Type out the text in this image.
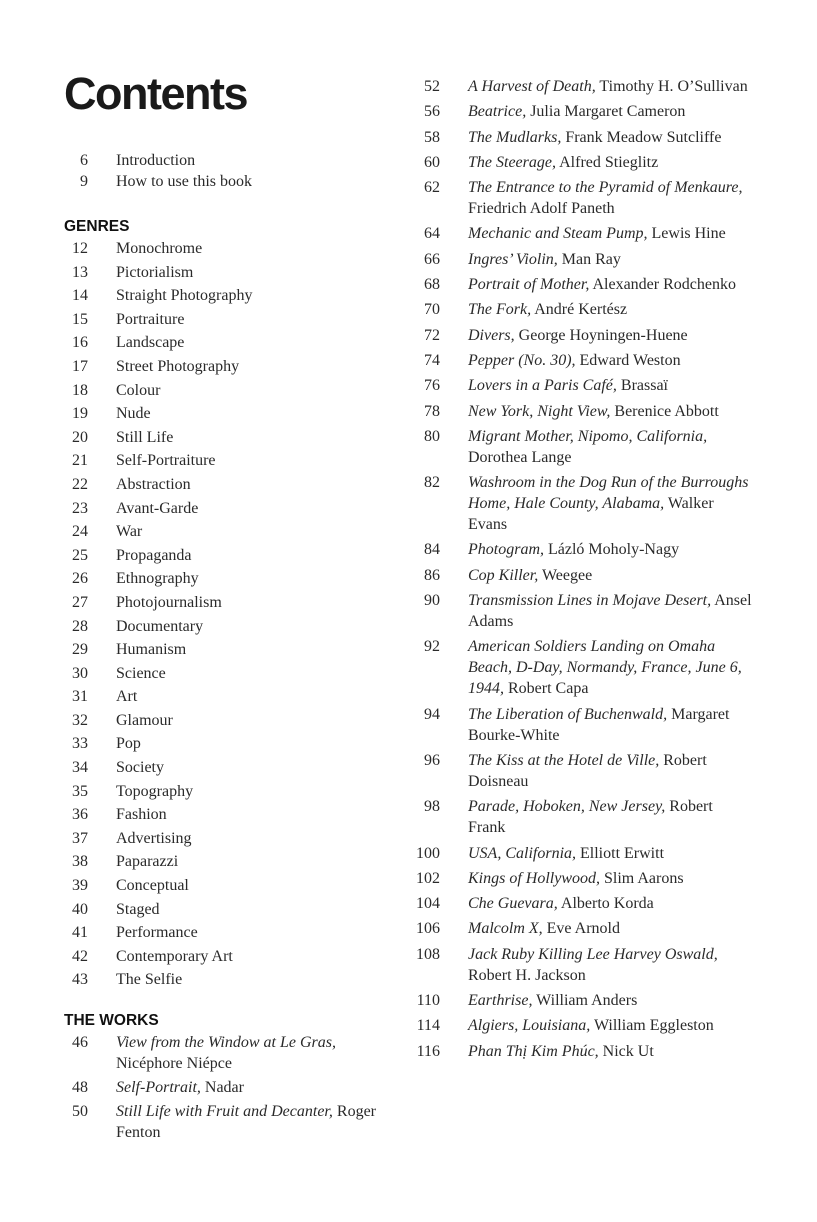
Contents
6 Introduction
9 How to use this book
GENRES
12 Monochrome
13 Pictorialism
14 Straight Photography
15 Portraiture
16 Landscape
17 Street Photography
18 Colour
19 Nude
20 Still Life
21 Self-Portraiture
22 Abstraction
23 Avant-Garde
24 War
25 Propaganda
26 Ethnography
27 Photojournalism
28 Documentary
29 Humanism
30 Science
31 Art
32 Glamour
33 Pop
34 Society
35 Topography
36 Fashion
37 Advertising
38 Paparazzi
39 Conceptual
40 Staged
41 Performance
42 Contemporary Art
43 The Selfie
THE WORKS
46 View from the Window at Le Gras, Nicéphore Niépce
48 Self-Portrait, Nadar
50 Still Life with Fruit and Decanter, Roger Fenton
52 A Harvest of Death, Timothy H. O’Sullivan
56 Beatrice, Julia Margaret Cameron
58 The Mudlarks, Frank Meadow Sutcliffe
60 The Steerage, Alfred Stieglitz
62 The Entrance to the Pyramid of Menkaure, Friedrich Adolf Paneth
64 Mechanic and Steam Pump, Lewis Hine
66 Ingres’ Violin, Man Ray
68 Portrait of Mother, Alexander Rodchenko
70 The Fork, André Kertész
72 Divers, George Hoyningen-Huene
74 Pepper (No. 30), Edward Weston
76 Lovers in a Paris Café, Brassaï
78 New York, Night View, Berenice Abbott
80 Migrant Mother, Nipomo, California, Dorothea Lange
82 Washroom in the Dog Run of the Burroughs Home, Hale County, Alabama, Walker Evans
84 Photogram, Lázló Moholy-Nagy
86 Cop Killer, Weegee
90 Transmission Lines in Mojave Desert, Ansel Adams
92 American Soldiers Landing on Omaha Beach, D-Day, Normandy, France, June 6, 1944, Robert Capa
94 The Liberation of Buchenwald, Margaret Bourke-White
96 The Kiss at the Hotel de Ville, Robert Doisneau
98 Parade, Hoboken, New Jersey, Robert Frank
100 USA, California, Elliott Erwitt
102 Kings of Hollywood, Slim Aarons
104 Che Guevara, Alberto Korda
106 Malcolm X, Eve Arnold
108 Jack Ruby Killing Lee Harvey Oswald, Robert H. Jackson
110 Earthrise, William Anders
114 Algiers, Louisiana, William Eggleston
116 Phan Thị Kim Phúc, Nick Ut
